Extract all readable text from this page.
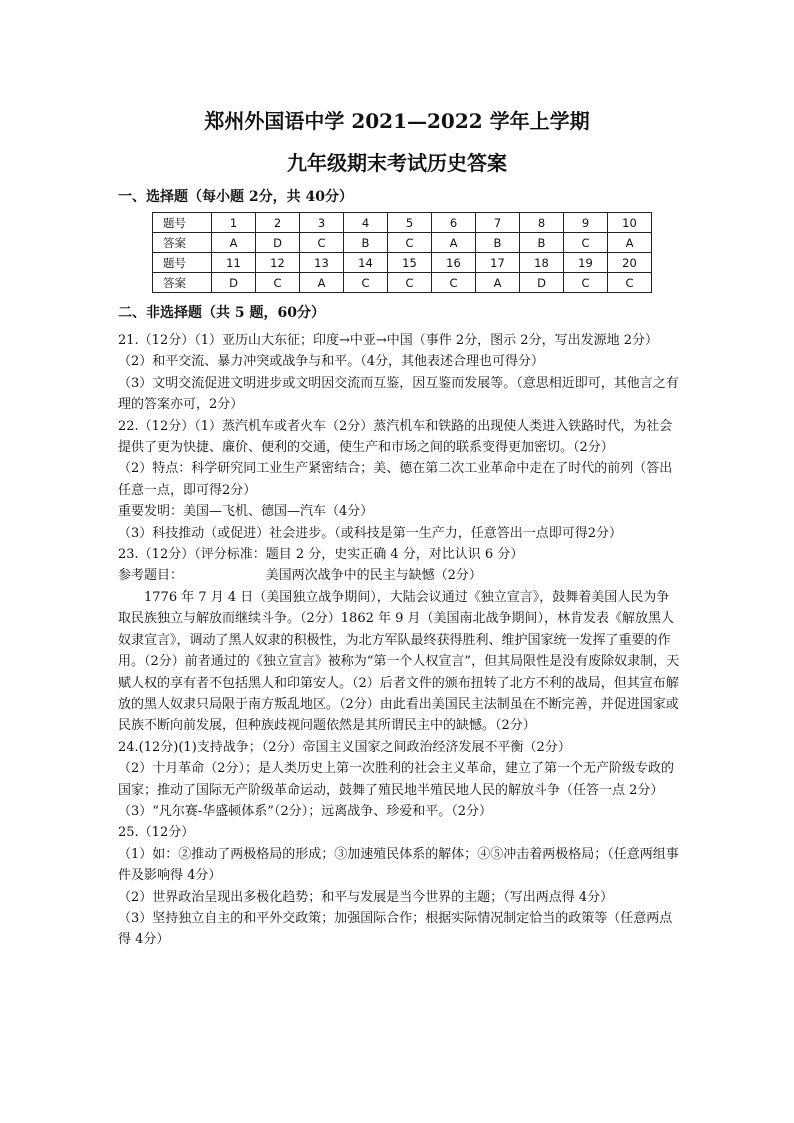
郑州外国语中学 2021—2022 学年上学期
九年级期末考试历史答案
一、选择题（每小题 2分，共 40分）
题号	1	2	3	4	5	6	7	8	9	10
答案	A	D	C	B	C	A	B	B	C	A
题号	11	12	13	14	15	16	17	18	19	20
答案	D	C	A	C	C	C	A	D	C	C
二、非选择题（共 5 题，60分）

21.（12分）（1）亚历山大东征；印度→中亚→中国（事件 2分，图示 2分，写出发源地 2分）

（2）和平交流、暴力冲突或战争与和平。（4分，其他表述合理也可得分）

（3）文明交流促进文明进步或文明因交流而互鉴，因互鉴而发展等。（意思相近即可，其他言之有理的答案亦可，2分）

22.（12分）（1）蒸汽机车或者火车（2分）蒸汽机车和铁路的出现使人类进入铁路时代，为社会提供了更为快捷、廉价、便利的交通，使生产和市场之间的联系变得更加密切。（2分）

（2）特点：科学研究同工业生产紧密结合；美、德在第二次工业革命中走在了时代的前列（答出任意一点，即可得2分）

重要发明：美国—飞机、德国—汽车（4分）

（3）科技推动（或促进）社会进步。（或科技是第一生产力，任意答出一点即可得2分）

23.（12分）（评分标准：题目 2 分，史实正确 4 分，对比认识 6 分）

参考题目：                    美国两次战争中的民主与缺憾（2分）

1776 年 7 月 4 日（美国独立战争期间），大陆会议通过《独立宣言》，鼓舞着美国人民为争取民族独立与解放而继续斗争。（2分）1862 年 9 月（美国南北战争期间），林肯发表《解放黑人奴隶宣言》，调动了黑人奴隶的积极性，为北方军队最终获得胜利、维护国家统一发挥了重要的作用。（2分）前者通过的《独立宣言》被称为“第一个人权宣言”，但其局限性是没有废除奴隶制，天赋人权的享有者不包括黑人和印第安人。（2）后者文件的颁布扭转了北方不利的战局，但其宣布解放的黑人奴隶只局限于南方叛乱地区。（2分）由此看出美国民主法制虽在不断完善，并促进国家或民族不断向前发展，但种族歧视问题依然是其所谓民主中的缺憾。（2分）

24.(12分)(1)支持战争；（2分）帝国主义国家之间政治经济发展不平衡（2分）

（2）十月革命（2分）；是人类历史上第一次胜利的社会主义革命，建立了第一个无产阶级专政的国家；推动了国际无产阶级革命运动，鼓舞了殖民地半殖民地人民的解放斗争（任答一点 2分）

（3）“凡尔赛-华盛顿体系”（2分）；远离战争、珍爱和平。（2分）

25.（12分）

（1）如：②推动了两极格局的形成；③加速殖民体系的解体；④⑤冲击着两极格局；（任意两组事件及影响得 4分）

（2）世界政治呈现出多极化趋势；和平与发展是当今世界的主题；（写出两点得 4分）

（3）坚持独立自主的和平外交政策；加强国际合作；根据实际情况制定恰当的政策等（任意两点得 4分）
